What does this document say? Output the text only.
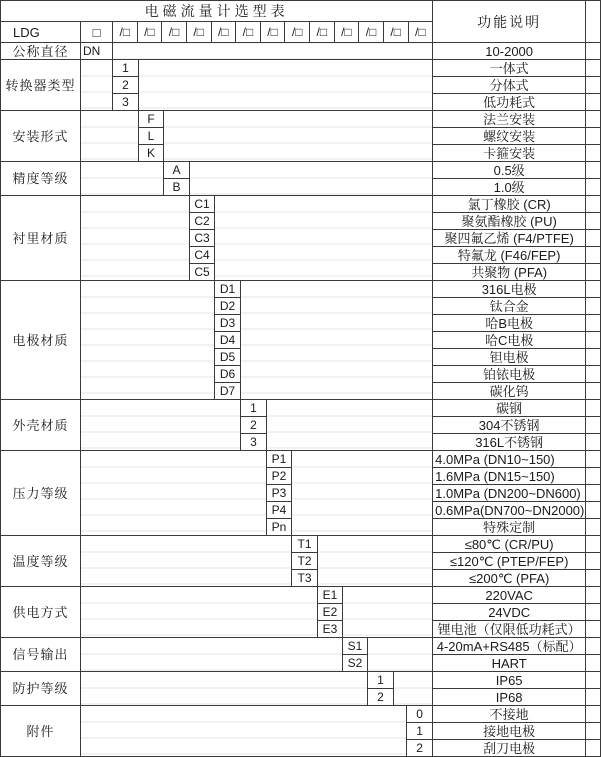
电磁流量计选型表															功能说明	
LDG	□	/□	/□	/□	/□	/□	/□	/□	/□	/□	/□	/□	/□	/□

公称直径	DN														10-2000	
转换器类型		1													一体式	
		2													分体式	
		3													低功耗式	
安装形式			F												法兰安装	
			L												螺纹安装	
			K												卡箍安装	
精度等级				A											0.5级	
				B											1.0级	
衬里材质					C1										氯丁橡胶 (CR)	
					C2										聚氨酯橡胶 (PU)	
					C3										聚四氟乙烯 (F4/PTFE)	
					C4										特氟龙 (F46/FEP)	
					C5										共聚物 (PFA)	
电极材质						D1									316L电极	
						D2									钛合金	
						D3									哈B电极	
						D4									哈C电极	
						D5									钽电极	
						D6									铂铱电极	
						D7									碳化钨	
外壳材质							1								碳钢	
							2								304不锈钢	
							3								316L不锈钢	
压力等级								P1							4.0MPa (DN10~150)	
								P2							1.6MPa (DN15~150)	
								P3							1.0MPa (DN200~DN600)	
								P4							0.6MPa(DN700~DN2000)	
								Pn							特殊定制	
温度等级									T1						≤80℃ (CR/PU)	
									T2						≤120℃ (PTEP/FEP)	
									T3						≤200℃ (PFA)	
供电方式										E1					220VAC	
										E2					24VDC	
										E3					锂电池（仅限低功耗式）	
信号输出											S1				4-20mA+RS485（标配）	
											S2				HART	
防护等级												1			IP65	
												2			IP68	
附件														0	不接地	
														1	接地电极	
														2	刮刀电极	
